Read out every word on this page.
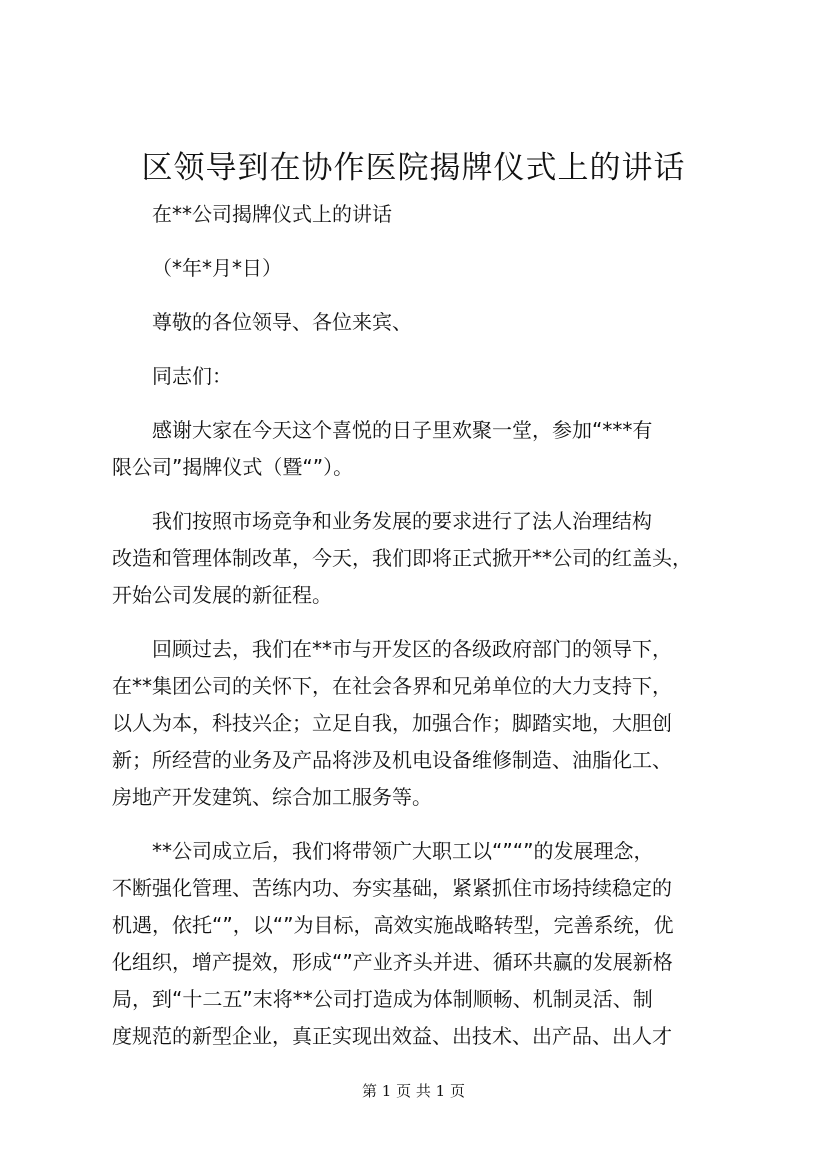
区领导到在协作医院揭牌仪式上的讲话
在**公司揭牌仪式上的讲话
（*年*月*日）
尊敬的各位领导、各位来宾、
同志们：
感谢大家在今天这个喜悦的日子里欢聚一堂，参加“***有
限公司”揭牌仪式（暨“”）。
我们按照市场竞争和业务发展的要求进行了法人治理结构
改造和管理体制改革，今天，我们即将正式掀开**公司的红盖头，
开始公司发展的新征程。
回顾过去，我们在**市与开发区的各级政府部门的领导下，
在**集团公司的关怀下，在社会各界和兄弟单位的大力支持下，
以人为本，科技兴企；立足自我，加强合作；脚踏实地，大胆创
新；所经营的业务及产品将涉及机电设备维修制造、油脂化工、
房地产开发建筑、综合加工服务等。
**公司成立后，我们将带领广大职工以“”“”的发展理念，
不断强化管理、苦练内功、夯实基础，紧紧抓住市场持续稳定的
机遇，依托“”，以“”为目标，高效实施战略转型，完善系统，优
化组织，增产提效，形成“”产业齐头并进、循环共赢的发展新格
局，到“十二五”末将**公司打造成为体制顺畅、机制灵活、制
度规范的新型企业，真正实现出效益、出技术、出产品、出人才
第 1 页 共 1 页
